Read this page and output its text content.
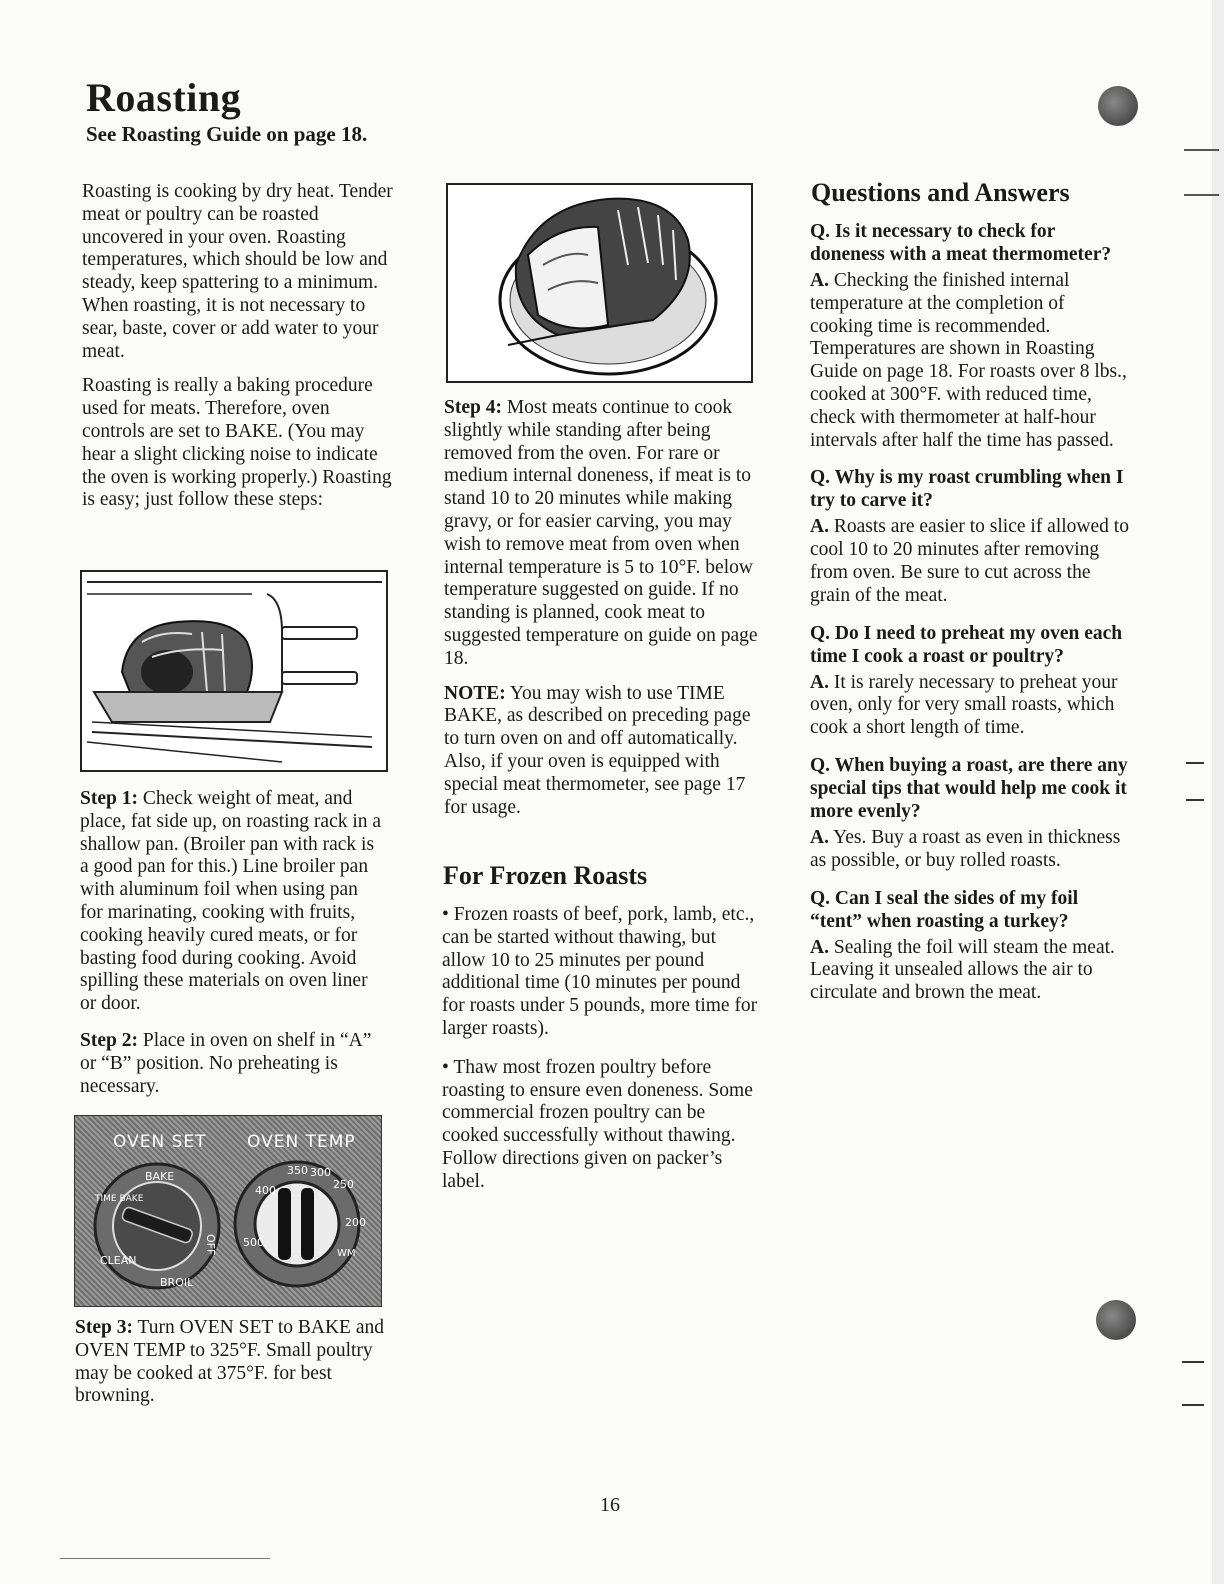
Roasting

See Roasting Guide on page 18.

Roasting is cooking by dry heat. Tender meat or poultry can be roasted uncovered in your oven. Roasting temperatures, which should be low and steady, keep spattering to a minimum. When roasting, it is not necessary to sear, baste, cover or add water to your meat.

Roasting is really a baking procedure used for meats. Therefore, oven controls are set to BAKE. (You may hear a slight clicking noise to indicate the oven is working properly.) Roasting is easy; just follow these steps:

Step 1: Check weight of meat, and place, fat side up, on roasting rack in a shallow pan. (Broiler pan with rack is a good pan for this.) Line broiler pan with aluminum foil when using pan for marinating, cooking with fruits, cooking heavily cured meats, or for basting food during cooking. Avoid spilling these materials on oven liner or door.

Step 2: Place in oven on shelf in “A” or “B” position. No preheating is necessary.

OVEN SET OVEN TEMP
BAKE
OFF
BROIL
CLEAN
TIME BAKE
350 300
250
400
500
200
WM

Step 3: Turn OVEN SET to BAKE and OVEN TEMP to 325°F. Small poultry may be cooked at 375°F. for best browning.

Step 4: Most meats continue to cook slightly while standing after being removed from the oven. For rare or medium internal doneness, if meat is to stand 10 to 20 minutes while making gravy, or for easier carving, you may wish to remove meat from oven when internal temperature is 5 to 10°F. below temperature suggested on guide. If no standing is planned, cook meat to suggested temperature on guide on page 18.

NOTE: You may wish to use TIME BAKE, as described on preceding page to turn oven on and off automatically. Also, if your oven is equipped with special meat thermometer, see page 17 for usage.

For Frozen Roasts

• Frozen roasts of beef, pork, lamb, etc., can be started without thawing, but allow 10 to 25 minutes per pound additional time (10 minutes per pound for roasts under 5 pounds, more time for larger roasts).

• Thaw most frozen poultry before roasting to ensure even doneness. Some commercial frozen poultry can be cooked successfully without thawing. Follow directions given on packer’s label.

Questions and Answers

Q. Is it necessary to check for doneness with a meat thermometer?

A. Checking the finished internal temperature at the completion of cooking time is recommended. Temperatures are shown in Roasting Guide on page 18. For roasts over 8 lbs., cooked at 300°F. with reduced time, check with thermometer at half-hour intervals after half the time has passed.

Q. Why is my roast crumbling when I try to carve it?

A. Roasts are easier to slice if allowed to cool 10 to 20 minutes after removing from oven. Be sure to cut across the grain of the meat.

Q. Do I need to preheat my oven each time I cook a roast or poultry?

A. It is rarely necessary to preheat your oven, only for very small roasts, which cook a short length of time.

Q. When buying a roast, are there any special tips that would help me cook it more evenly?

A. Yes. Buy a roast as even in thickness as possible, or buy rolled roasts.

Q. Can I seal the sides of my foil “tent” when roasting a turkey?

A. Sealing the foil will steam the meat. Leaving it unsealed allows the air to circulate and brown the meat.

16
